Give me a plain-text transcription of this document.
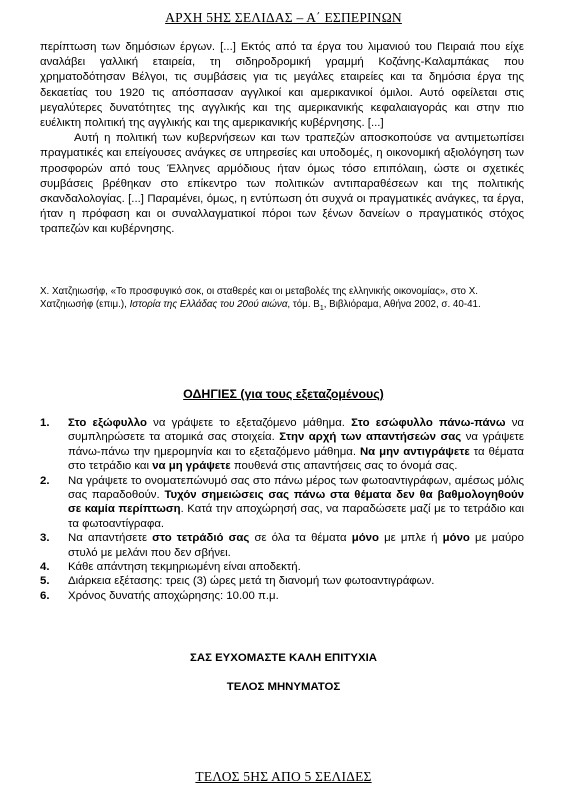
ΑΡΧΗ 5ΗΣ ΣΕΛΙΔΑΣ – Α΄ ΕΣΠΕΡΙΝΩΝ

περίπτωση των δημόσιων έργων. [...] Εκτός από τα έργα του λιμανιού του Πειραιά που είχε αναλάβει γαλλική εταιρεία, τη σιδηροδρομική γραμμή Κοζάνης-Καλαμπάκας που χρηματοδότησαν Βέλγοι, τις συμβάσεις για τις μεγάλες εταιρείες και τα δημόσια έργα της δεκαετίας του 1920 τις απόσπασαν αγγλικοί και αμερικανικοί όμιλοι. Αυτό οφείλεται στις μεγαλύτερες δυνατότητες της αγγλικής και της αμερικανικής κεφαλαιαγοράς και στην πιο ευέλικτη πολιτική της αγγλικής και της αμερικανικής κυβέρνησης. [...]

Αυτή η πολιτική των κυβερνήσεων και των τραπεζών αποσκοπούσε να αντιμετωπίσει πραγματικές και επείγουσες ανάγκες σε υπηρεσίες και υποδομές, η οικονομική αξιολόγηση των προσφορών από τους Έλληνες αρμόδιους ήταν όμως τόσο επιπόλαιη, ώστε οι σχετικές συμβάσεις βρέθηκαν στο επίκεντρο των πολιτικών αντιπαραθέσεων και της πολιτικής σκανδαλολογίας. [...] Παραμένει, όμως, η εντύπωση ότι συχνά οι πραγματικές ανάγκες, τα έργα, ήταν η πρόφαση και οι συναλλαγματικοί πόροι των ξένων δανείων ο πραγματικός στόχος τραπεζών και κυβέρνησης.

Χ. Χατζηιωσήφ, «Το προσφυγικό σοκ, οι σταθερές και οι μεταβολές της ελληνικής οικονομίας», στο Χ. Χατζηιωσήφ (επιμ.), Ιστορία της Ελλάδας του 20ού αιώνα, τόμ. $B_1$, Βιβλιόραμα, Αθήνα 2002, σ. 40-41.
ΟΔΗΓΙΕΣ (για τους εξεταζομένους)
1. Στο εξώφυλλο να γράψετε το εξεταζόμενο μάθημα. Στο εσώφυλλο πάνω-πάνω να συμπληρώσετε τα ατομικά σας στοιχεία. Στην αρχή των απαντήσεών σας να γράψετε πάνω-πάνω την ημερομηνία και το εξεταζόμενο μάθημα. Να μην αντιγράψετε τα θέματα στο τετράδιο και να μη γράψετε πουθενά στις απαντήσεις σας το όνομά σας.
2. Να γράψετε το ονοματεπώνυμό σας στο πάνω μέρος των φωτοαντιγράφων, αμέσως μόλις σας παραδοθούν. Τυχόν σημειώσεις σας πάνω στα θέματα δεν θα βαθμολογηθούν σε καμία περίπτωση. Κατά την αποχώρησή σας, να παραδώσετε μαζί με το τετράδιο και τα φωτοαντίγραφα.
3. Να απαντήσετε στο τετράδιό σας σε όλα τα θέματα μόνο με μπλε ή μόνο με μαύρο στυλό με μελάνι που δεν σβήνει.
4. Κάθε απάντηση τεκμηριωμένη είναι αποδεκτή.
5. Διάρκεια εξέτασης: τρεις (3) ώρες μετά τη διανομή των φωτοαντιγράφων.
6. Χρόνος δυνατής αποχώρησης: 10.00 π.μ.
ΣΑΣ ΕΥΧΟΜΑΣΤΕ ΚΑΛΗ ΕΠΙΤΥΧΙΑ
ΤΕΛΟΣ ΜΗΝΥΜΑΤΟΣ
ΤΕΛΟΣ 5ΗΣ ΑΠΟ 5 ΣΕΛΙΔΕΣ
